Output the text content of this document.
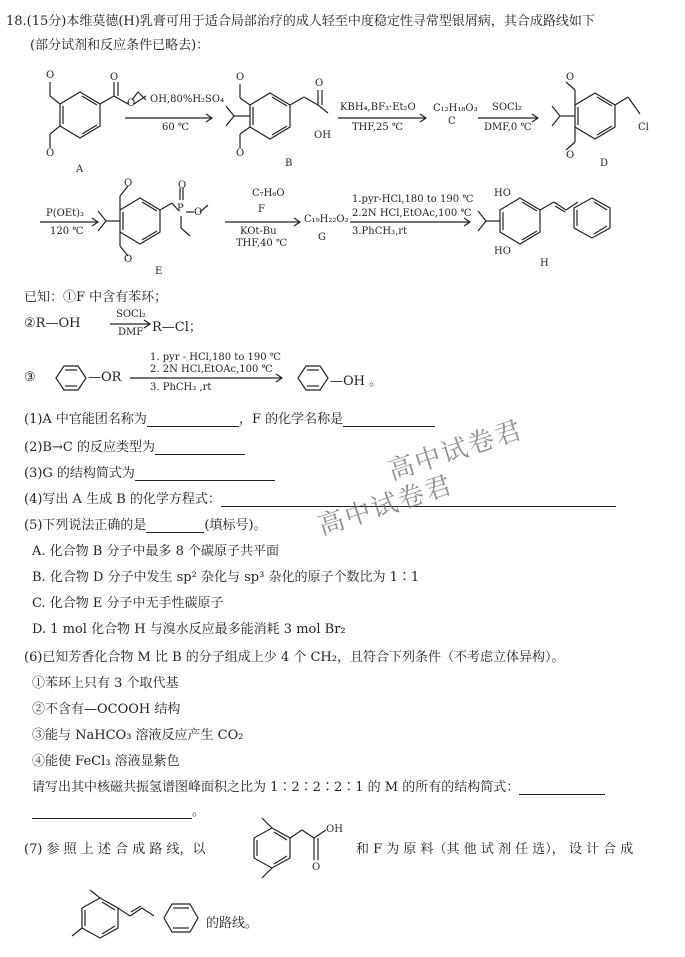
18.(15分)本维莫德(H)乳膏可用于适合局部治疗的成人轻至中度稳定性寻常型银屑病，其合成路线如下
(部分试剂和反应条件已略去)：
O
O
O
O
A
OH,80%H₂SO₄
60 ℃
O
O
O
OH
B
KBH₄,BF₃·Et₂O
THF,25 ℃
C₁₂H₁₈O₃
C
SOCl₂
DMF,0 ℃
O
O
Cl
D
P(OEt)₃
120 ℃
O
O
P
O
O
E
C₇H₆O
F
KOt-Bu
THF,40 ℃
C₁₉H₂₂O₂
G
1.pyr-HCl,180 to 190 ℃
2.2N HCl,EtOAc,100 ℃
3.PhCH₃,rt
HO
HO
H
已知：①F 中含有苯环；
②R—OH
SOCl₂
DMF R—Cl；
③	—OR
1. pyr - HCl,180 to 190 ℃
2. 2N HCl,EtOAc,100 ℃
3. PhCH₃ ,rt	—OH 。
(1)A 中官能团名称为	，F 的化学名称是
(2)B→C 的反应类型为
(3)G 的结构简式为
(4)写出 A 生成 B 的化学方程式：
(5)下列说法正确的是	(填标号)。
A. 化合物 B 分子中最多 8 个碳原子共平面
B. 化合物 D 分子中发生 sp² 杂化与 sp³ 杂化的原子个数比为 1∶1
C. 化合物 E 分子中无手性碳原子
D. 1 mol 化合物 H 与溴水反应最多能消耗 3 mol Br₂
(6)已知芳香化合物 M 比 B 的分子组成上少 4 个 CH₂，且符合下列条件（不考虑立体异构）。
①苯环上只有 3 个取代基
②不含有—OCOOH 结构
③能与 NaHCO₃ 溶液反应产生 CO₂
④能使 FeCl₃ 溶液显紫色
请写出其中核磁共振氢谱图峰面积之比为 1∶2∶2∶2∶1 的 M 的所有的结构简式：
。
(7) 参 照 上 述 合 成 路 线，以
OH
O
和 F 为 原 料（其 他 试 剂 任 选）， 设 计 合 成
的路线。
高中试卷君
高中试卷君
